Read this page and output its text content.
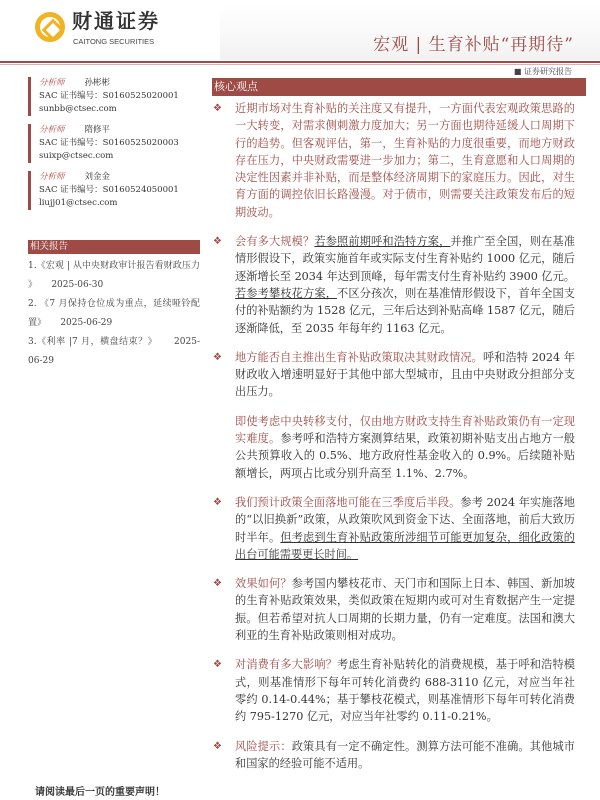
财通证券
CAITONG SECURITIES	宏观 | 生育补贴“再期待”
■ 证券研究报告
分析师 孙彬彬
SAC 证书编号：S0160525020001
sunbb@ctsec.com
分析师 隋修平
SAC 证书编号：S0160525020003
suixp@ctsec.com
分析师 刘金金
SAC 证书编号：S0160524050001
liujj01@ctsec.com
相关报告
1.《宏观 | 从中央财政审计报告看财政压力 》 2025-06-30
2. 《7 月保持仓位成为重点，延续哑铃配置》 2025-06-29
3.《利率 |7 月，横盘结束？》 2025-06-29
核心观点
❖ 近期市场对生育补贴的关注度又有提升，一方面代表宏观政策思路的一大转变，对需求侧刺激力度加大；另一方面也期待延缓人口周期下行的趋势。但客观评估，第一，生育补贴的力度很重要，而地方财政存在压力，中央财政需要进一步加力；第二，生育意愿和人口周期的决定性因素并非补贴，而是整体经济周期下的家庭压力。因此，对生育方面的调控依旧长路漫漫。对于债市，则需要关注政策发布后的短期波动。
❖ 会有多大规模？若参照前期呼和浩特方案，并推广至全国，则在基准情形假设下，政策实施首年或实际支付生育补贴约 1000 亿元，随后逐渐增长至 2034 年达到顶峰，每年需支付生育补贴约 3900 亿元。若参考攀枝花方案，不区分孩次，则在基准情形假设下，首年全国支付的补贴额约为 1528 亿元，三年后达到补贴高峰 1587 亿元，随后逐渐降低，至 2035 年每年约 1163 亿元。
❖ 地方能否自主推出生育补贴政策取决其财政情况。呼和浩特 2024 年财政收入增速明显好于其他中部大型城市，且由中央财政分担部分支出压力。
即使考虑中央转移支付，仅由地方财政支持生育补贴政策仍有一定现实难度。参考呼和浩特方案测算结果，政策初期补贴支出占地方一般公共预算收入的 0.5%、地方政府性基金收入的 0.9%。后续随补贴额增长，两项占比或分别升高至 1.1%、2.7%。
❖ 我们预计政策全面落地可能在三季度后半段。参考 2024 年实施落地的“以旧换新”政策，从政策吹风到资金下达、全面落地，前后大致历时半年。但考虑到生育补贴政策所涉细节可能更加复杂，细化政策的出台可能需要更长时间。
❖ 效果如何？参考国内攀枝花市、天门市和国际上日本、韩国、新加坡的生育补贴政策效果，类似政策在短期内或可对生育数据产生一定提振。但若希望对抗人口周期的长期力量，仍有一定难度。法国和澳大利亚的生育补贴政策则相对成功。
❖ 对消费有多大影响？考虑生育补贴转化的消费规模，基于呼和浩特模式，则基准情形下每年可转化消费约 688-3110 亿元，对应当年社零约 0.14-0.44%；基于攀枝花模式，则基准情形下每年可转化消费约 795-1270 亿元，对应当年社零约 0.11-0.21%。
❖ 风险提示：政策具有一定不确定性。测算方法可能不准确。其他城市和国家的经验可能不适用。
请阅读最后一页的重要声明！
